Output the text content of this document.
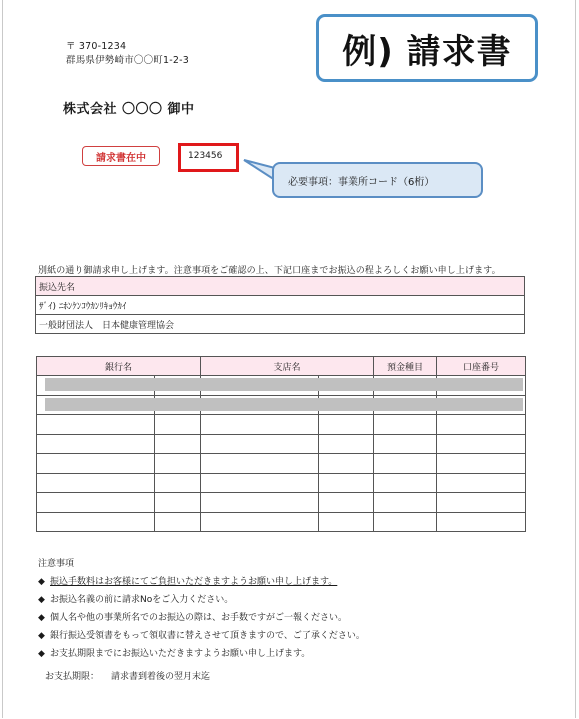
〒 370-1234
群馬県伊勢崎市〇〇町1-2-3
株式会社 〇〇〇 御中
例) 請求書
請求書在中	123456
必要事項：事業所コード（6桁）
別紙の通り御請求申し上げます。注意事項をご確認の上、下記口座までお振込の程よろしくお願い申し上げます。
振込先名
ｻﾞｲ) ﾆﾎﾝｹﾝｺｳｶﾝﾘｷｮｳｶｲ
一般財団法人　日本健康管理協会
銀行名		支店名		預金種目	口座番号

注意事項
◆ 振込手数料はお客様にてご負担いただきますようお願い申し上げます。
◆ お振込名義の前に請求Noをご入力ください。
◆ 個人名や他の事業所名でのお振込の際は、お手数ですがご一報ください。
◆ 銀行振込受領書をもって領収書に替えさせて頂きますので、ご了承ください。
◆ お支払期限までにお振込いただきますようお願い申し上げます。
お支払期限： 請求書到着後の翌月末迄
